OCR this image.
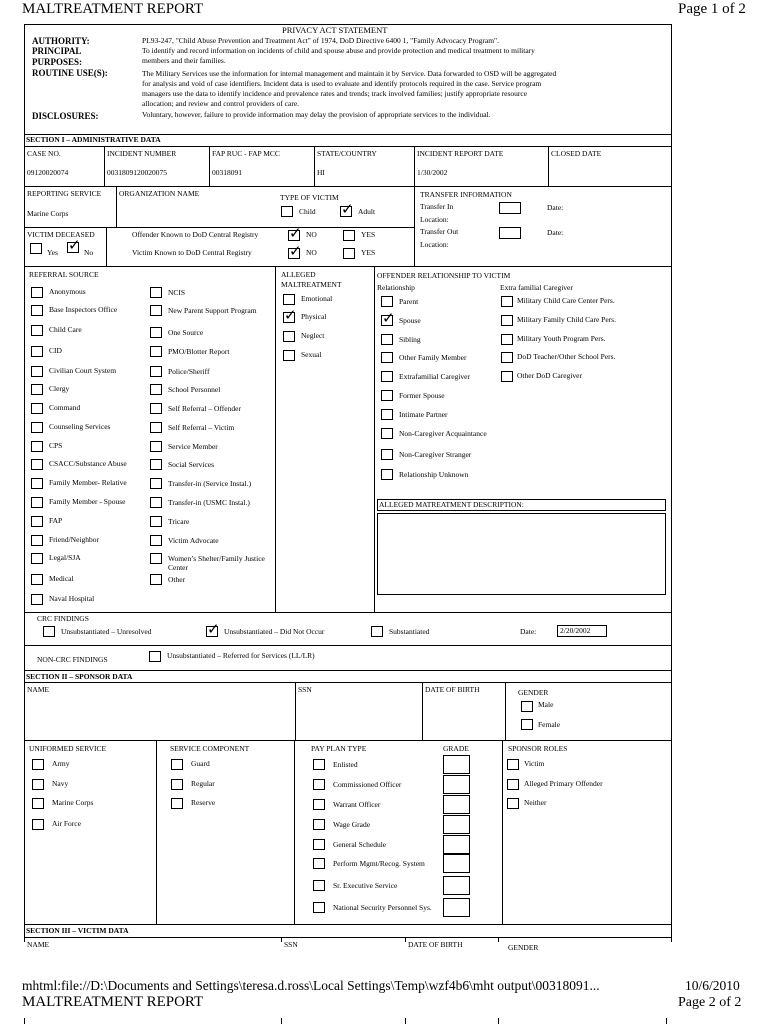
MALTREATMENT REPORT	Page 1 of 2
PRIVACY ACT STATEMENT
AUTHORITY:	PL93-247, "Child Abuse Prevention and Treatment Act" of 1974, DoD Directive 6400 1, "Family Advocacy Program".
PRINCIPAL	To identify and record information on incidents of child and spouse abuse and provide protection and medical treatment to military
PURPOSES:	members and their families.
ROUTINE USE(S):	The Military Services use the information for internal management and maintain it by Service. Data forwarded to OSD will be aggregated
for analysis and void of case identifiers. Incident data is used to evaluate and identify protocols required in the case. Service program
managers use the data to identify incidence and prevalence rates and trends; track involved families; justify appropriate resource
allocation; and review and control providers of care.
DISCLOSURES:	Voluntary, however, failure to provide information may delay the provision of appropriate services to the individual.
SECTION I – ADMINISTRATIVE DATA
CASE NO.
09120020074
INCIDENT NUMBER
0031809120020075
FAP RUC - FAP MCC
00318091
STATE/COUNTRY
HI
INCIDENT REPORT DATE
1/30/2002
CLOSED DATE
REPORTING SERVICE
Marine Corps
ORGANIZATION NAME	TYPE OF VICTIM
Child ✓	Adult
TRANSFER INFORMATION
Transfer In	Date:
Location:
Transfer Out	Date:
Location:
VICTIM DECEASED
Yes ✓	No
Offender Known to DoD Central Registry ✓	NO	YES
Victim Known to DoD Central Registry ✓	NO	YES
REFERRAL SOURCE
Anonymous
Base Inspectors Office
Child Care
CID
Civilian Court System
Clergy
Command
Counseling Services
CPS
CSACC/Substance Abuse
Family Member- Relative
Family Member - Spouse
FAP
Friend/Neighbor
Legal/SJA
Medical
Naval Hospital
NCIS
New Parent Support Program
One Source
PMO/Blotter Report
Police/Sheriff
School Personnel
Self Referral – Offender
Self Referral – Victim
Service Member
Social Services
Transfer-in (Service Instal.)
Transfer-in (USMC Instal.)
Tricare
Victim Advocate
Women’s Shelter/Family Justice Center
Other
ALLEGED
MALTREATMENT
Emotional
✓
Physical
Neglect
Sexual
OFFENDER RELATIONSHIP TO VICTIM
Relationship	Extra familial Caregiver
Parent
✓
Spouse
Sibling
Other Family Member
Extrafamilial Caregiver
Former Spouse
Intimate Partner
Non-Caregiver Acquaintance
Non-Caregiver Stranger
Relationship Unknown
Military Child Care Center Pers.
Military Family Child Care Pers.
Military Youth Program Pers.
DoD Teacher/Other School Pers.
Other DoD Caregiver
ALLEGED MATREATMENT DESCRIPTION:
CRC FINDINGS
Unsubstantiated – Unresolved ✓	Unsubstantiated – Did Not Occur	Substantiated	Date:	2/20/2002
NON-CRC FINDINGS	Unsubstantiated – Referred for Services (LL/LR)
SECTION II – SPONSOR DATA
NAME	SSN	DATE OF BIRTH	GENDER
Male
Female
UNIFORMED SERVICE	SERVICE COMPONENT	PAY PLAN TYPE	GRADE	SPONSOR ROLES
Army
Navy
Marine Corps
Air Force
Guard
Regular
Reserve
Enlisted
Commissioned Officer
Warrant Officer
Wage Grade
General Schedule
Perform Mgmt/Recog. System
Sr. Executive Service
National Security Personnel Sys.
Victim
Alleged Primary Offender
Neither
SECTION III – VICTIM DATA
NAME	SSN	DATE OF BIRTH	GENDER
mhtml:file://D:\Documents and Settings\teresa.d.ross\Local Settings\Temp\wzf4b6\mht output\00318091...	10/6/2010
MALTREATMENT REPORT	Page 2 of 2
